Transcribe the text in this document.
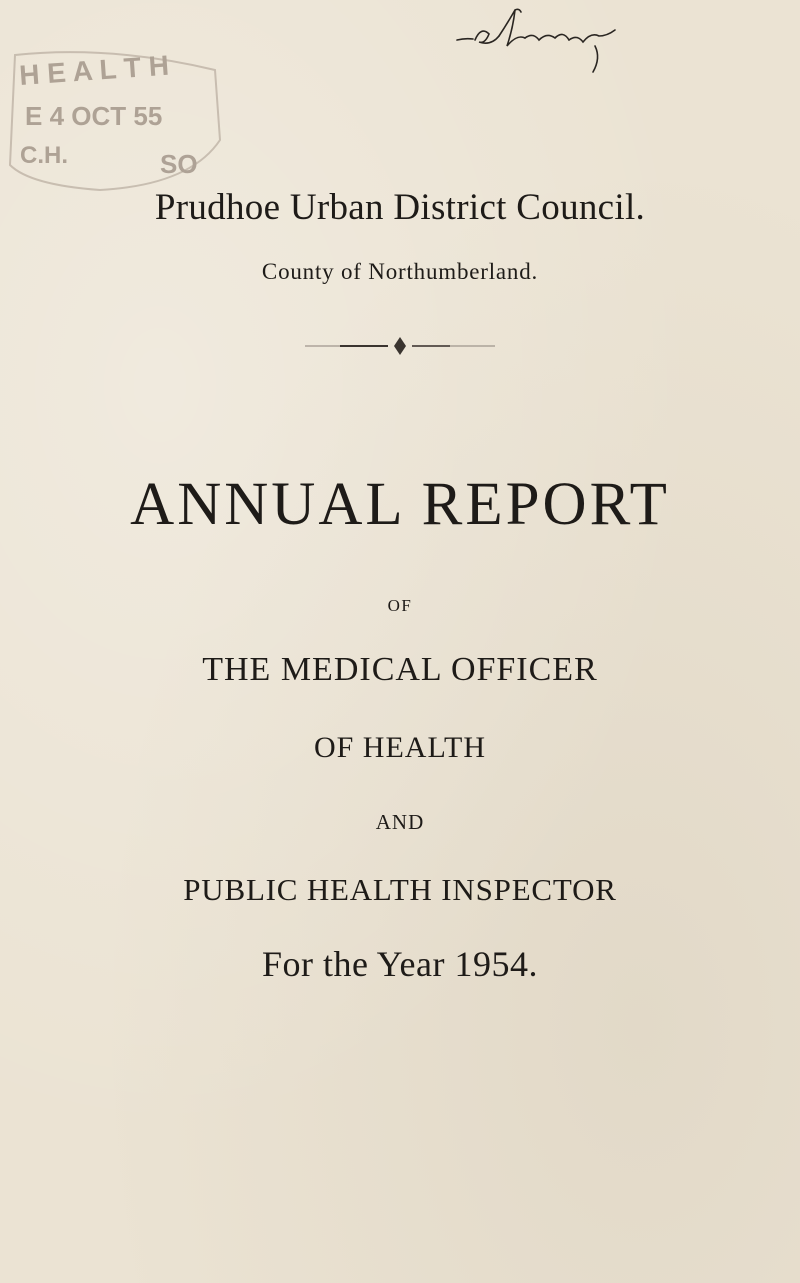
H E A L T H
E 4 OCT 55
C.H.	SO
Prudhoe Urban District Council.
County of Northumberland.
ANNUAL REPORT
OF
THE MEDICAL OFFICER
OF HEALTH
AND
PUBLIC HEALTH INSPECTOR
For the Year 1954.
